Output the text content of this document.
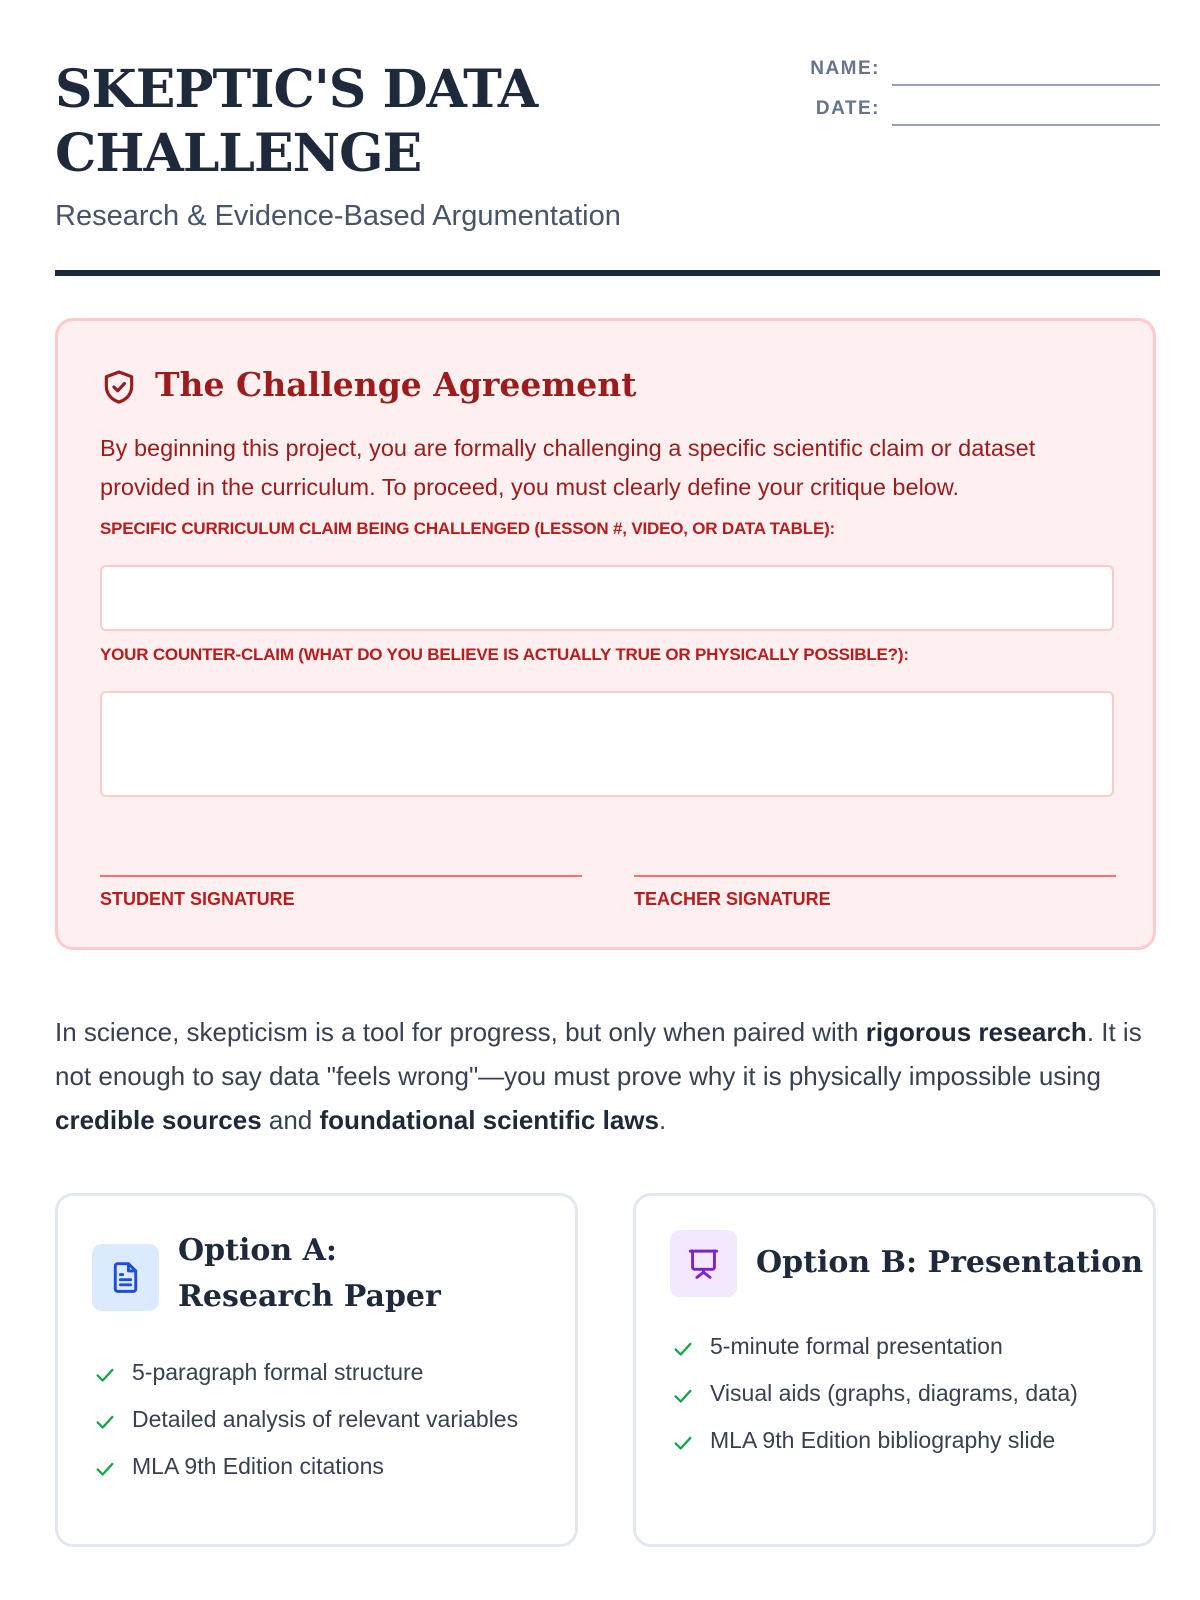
SKEPTIC'S DATA CHALLENGE

Research & Evidence-Based Argumentation

NAME:
DATE:
The Challenge Agreement

By beginning this project, you are formally challenging a specific scientific claim or dataset provided in the curriculum. To proceed, you must clearly define your critique below.

SPECIFIC CURRICULUM CLAIM BEING CHALLENGED (LESSON #, VIDEO, OR DATA TABLE):
YOUR COUNTER-CLAIM (WHAT DO YOU BELIEVE IS ACTUALLY TRUE OR PHYSICALLY POSSIBLE?):
STUDENT SIGNATURE	TEACHER SIGNATURE

In science, skepticism is a tool for progress, but only when paired with rigorous research. It is not enough to say data "feels wrong"—you must prove why it is physically impossible using credible sources and foundational scientific laws.

Option A: Research Paper
5-paragraph formal structure
Detailed analysis of relevant variables
MLA 9th Edition citations
Option B: Presentation
5-minute formal presentation
Visual aids (graphs, diagrams, data)
MLA 9th Edition bibliography slide
